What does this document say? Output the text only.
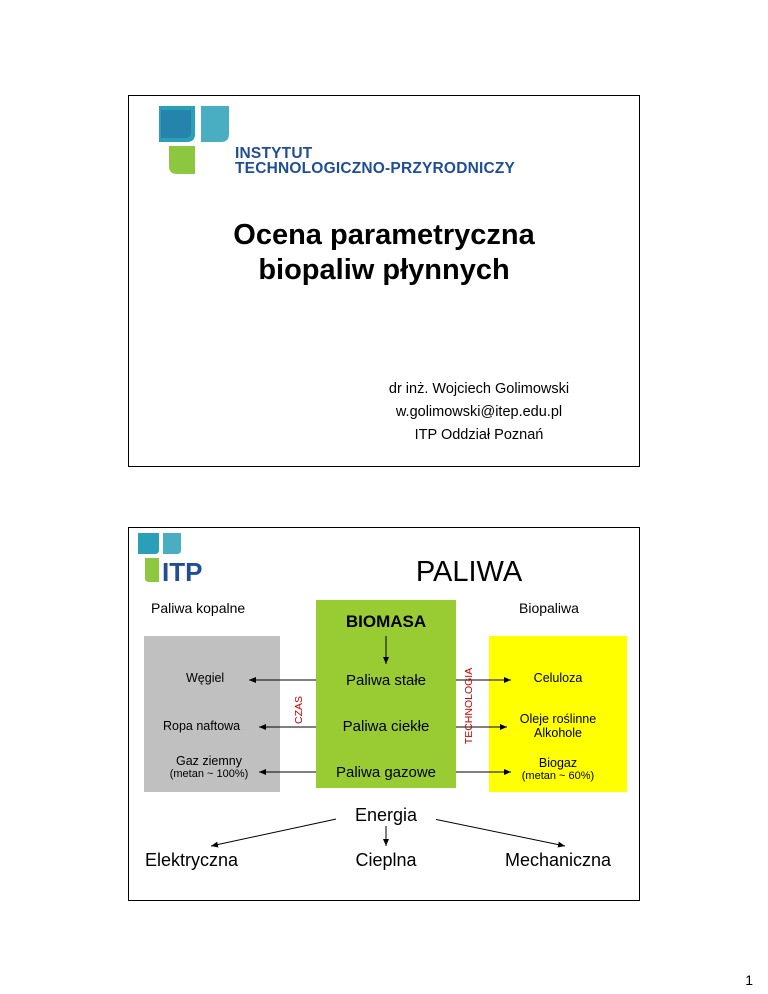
INSTYTUT
TECHNOLOGICZNO-PRZYRODNICZY
Ocena parametryczna
biopaliw płynnych
dr inż. Wojciech Golimowski
w.golimowski@itep.edu.pl
ITP Oddział Poznań
ITP	PALIWA
Paliwa kopalne	Biopaliwa
BIOMASA
Paliwa stałe
Paliwa ciekłe
Paliwa gazowe
Węgiel
Ropa naftowa
Gaz ziemny
(metan ~ 100%)
Celuloza
Oleje roślinne
Alkohole
Biogaz
(metan ~ 60%)
CZAS	TECHNOLOGIA
Energia
Elektryczna	Cieplna	Mechaniczna
1
